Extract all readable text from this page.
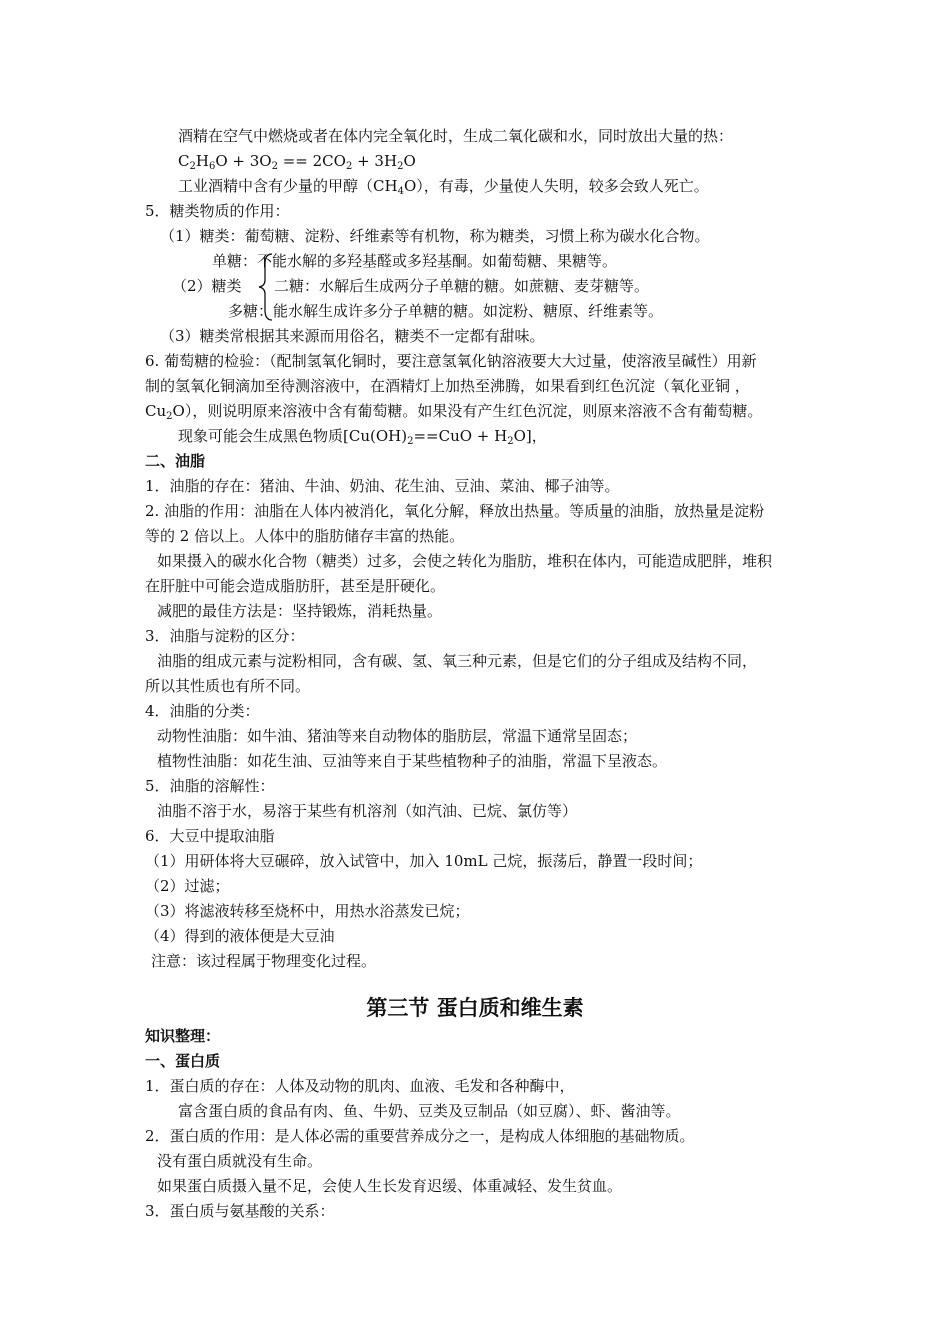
酒精在空气中燃烧或者在体内完全氧化时，生成二氧化碳和水，同时放出大量的热：
$C_2H_6O + 3O_2 == 2CO_2 + 3H_2O$
工业酒精中含有少量的甲醇$(CH_4O)$，有毒，少量使人失明，较多会致人死亡。
5．糖类物质的作用：
（1）糖类：葡萄糖、淀粉、纤维素等有机物，称为糖类，习惯上称为碳水化合物。
单糖：不能水解的多羟基醛或多羟基酮。如葡萄糖、果糖等。
（2）糖类 二糖：水解后生成两分子单糖的糖。如蔗糖、麦芽糖等。
多糖：能水解生成许多分子单糖的糖。如淀粉、糖原、纤维素等。
（3）糖类常根据其来源而用俗名，糖类不一定都有甜味。
6. 葡萄糖的检验：（配制氢氧化铜时，要注意氢氧化钠溶液要大大过量，使溶液呈碱性）用新
制的氢氧化铜滴加至待测溶液中，在酒精灯上加热至沸腾，如果看到红色沉淀（氧化亚铜 ，
$Cu_2O$），则说明原来溶液中含有葡萄糖。如果没有产生红色沉淀，则原来溶液不含有葡萄糖。
现象可能会生成黑色物质$[Cu(OH)_2==CuO + H_2O]$，
二、油脂
1．油脂的存在：猪油、牛油、奶油、花生油、豆油、菜油、椰子油等。
2. 油脂的作用：油脂在人体内被消化，氧化分解，释放出热量。等质量的油脂，放热量是淀粉
等的 2 倍以上。人体中的脂肪储存丰富的热能。
如果摄入的碳水化合物（糖类）过多，会使之转化为脂肪，堆积在体内，可能造成肥胖，堆积
在肝脏中可能会造成脂肪肝，甚至是肝硬化。
减肥的最佳方法是：坚持锻炼，消耗热量。
3．油脂与淀粉的区分：
油脂的组成元素与淀粉相同，含有碳、氢、氧三种元素，但是它们的分子组成及结构不同，
所以其性质也有所不同。
4．油脂的分类：
动物性油脂：如牛油、猪油等来自动物体的脂肪层，常温下通常呈固态；
植物性油脂：如花生油、豆油等来自于某些植物种子的油脂，常温下呈液态。
5．油脂的溶解性：
油脂不溶于水，易溶于某些有机溶剂（如汽油、已烷、氯仿等）
6．大豆中提取油脂
（1）用研体将大豆碾碎，放入试管中，加入 10mL 己烷，振荡后，静置一段时间；
（2）过滤；
（3）将滤液转移至烧杯中，用热水浴蒸发已烷；
（4）得到的液体便是大豆油
注意：该过程属于物理变化过程。
第三节 蛋白质和维生素
知识整理：
一、蛋白质
1．蛋白质的存在：人体及动物的肌肉、血液、毛发和各种酶中，
富含蛋白质的食品有肉、鱼、牛奶、豆类及豆制品（如豆腐）、虾、酱油等。
2．蛋白质的作用：是人体必需的重要营养成分之一，是构成人体细胞的基础物质。
没有蛋白质就没有生命。
如果蛋白质摄入量不足，会使人生长发育迟缓、体重减轻、发生贫血。
3．蛋白质与氨基酸的关系：
